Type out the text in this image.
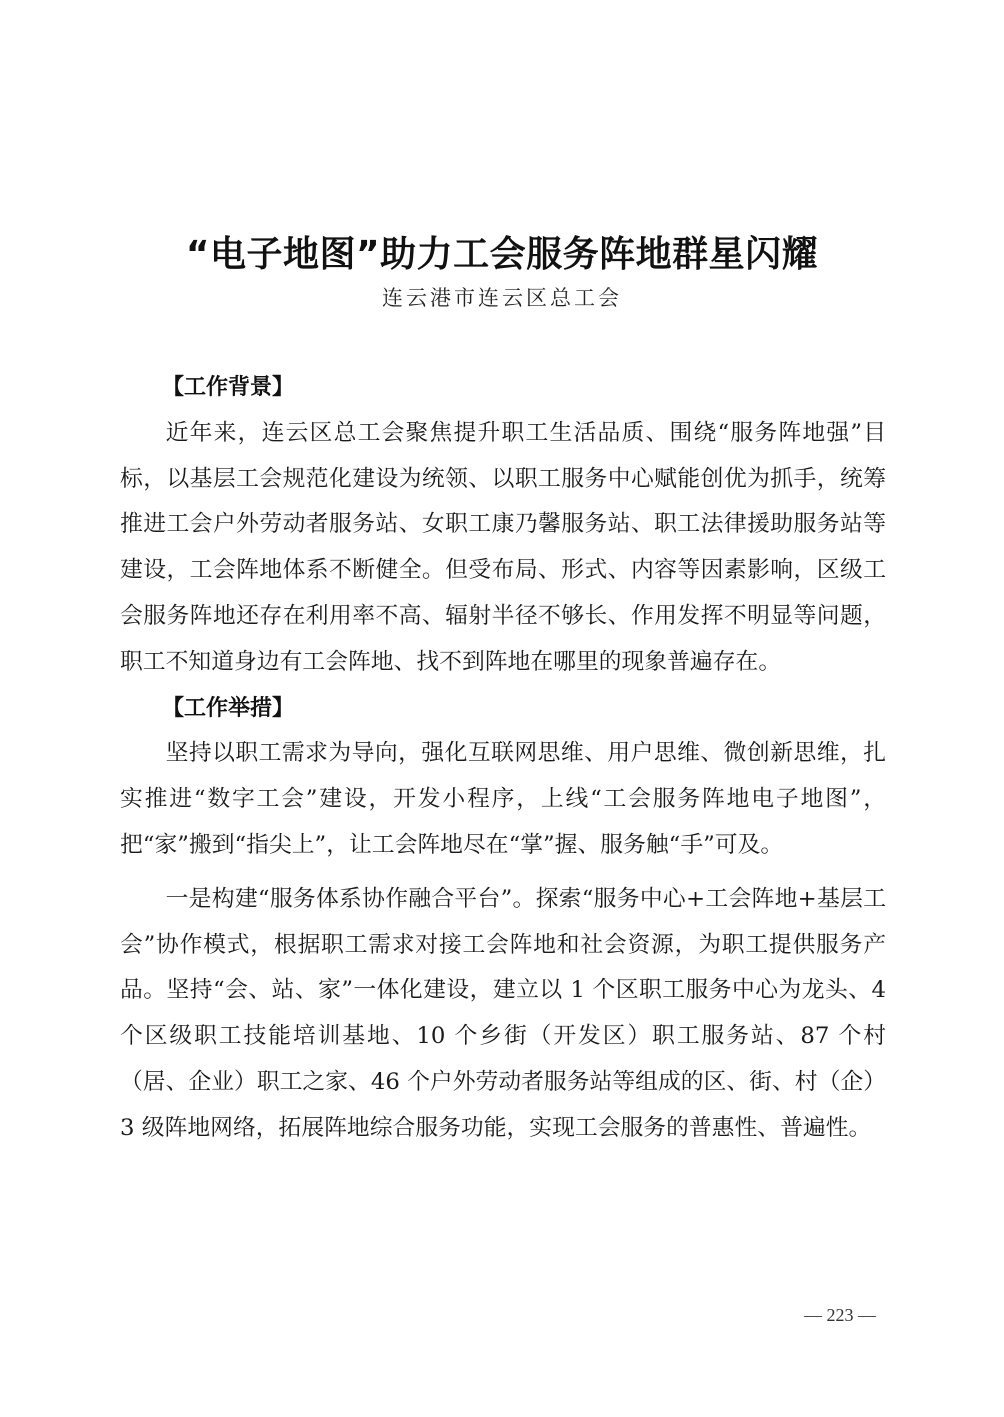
“电子地图”助力工会服务阵地群星闪耀
连云港市连云区总工会
【工作背景】

近年来，连云区总工会聚焦提升职工生活品质、围绕“服务阵地强”目标，以基层工会规范化建设为统领、以职工服务中心赋能创优为抓手，统筹推进工会户外劳动者服务站、女职工康乃馨服务站、职工法律援助服务站等建设，工会阵地体系不断健全。但受布局、形式、内容等因素影响，区级工会服务阵地还存在利用率不高、辐射半径不够长、作用发挥不明显等问题，职工不知道身边有工会阵地、找不到阵地在哪里的现象普遍存在。

【工作举措】

坚持以职工需求为导向，强化互联网思维、用户思维、微创新思维，扎实推进“数字工会”建设，开发小程序，上线“工会服务阵地电子地图”，把“家”搬到“指尖上”，让工会阵地尽在“掌”握、服务触“手”可及。

一是构建“服务体系协作融合平台”。探索“服务中心+工会阵地+基层工会”协作模式，根据职工需求对接工会阵地和社会资源，为职工提供服务产品。坚持“会、站、家”一体化建设，建立以 1 个区职工服务中心为龙头、4 个区级职工技能培训基地、10 个乡街（开发区）职工服务站、87 个村（居、企业）职工之家、46 个户外劳动者服务站等组成的区、街、村（企）3 级阵地网络，拓展阵地综合服务功能，实现工会服务的普惠性、普遍性。

— 223 —
